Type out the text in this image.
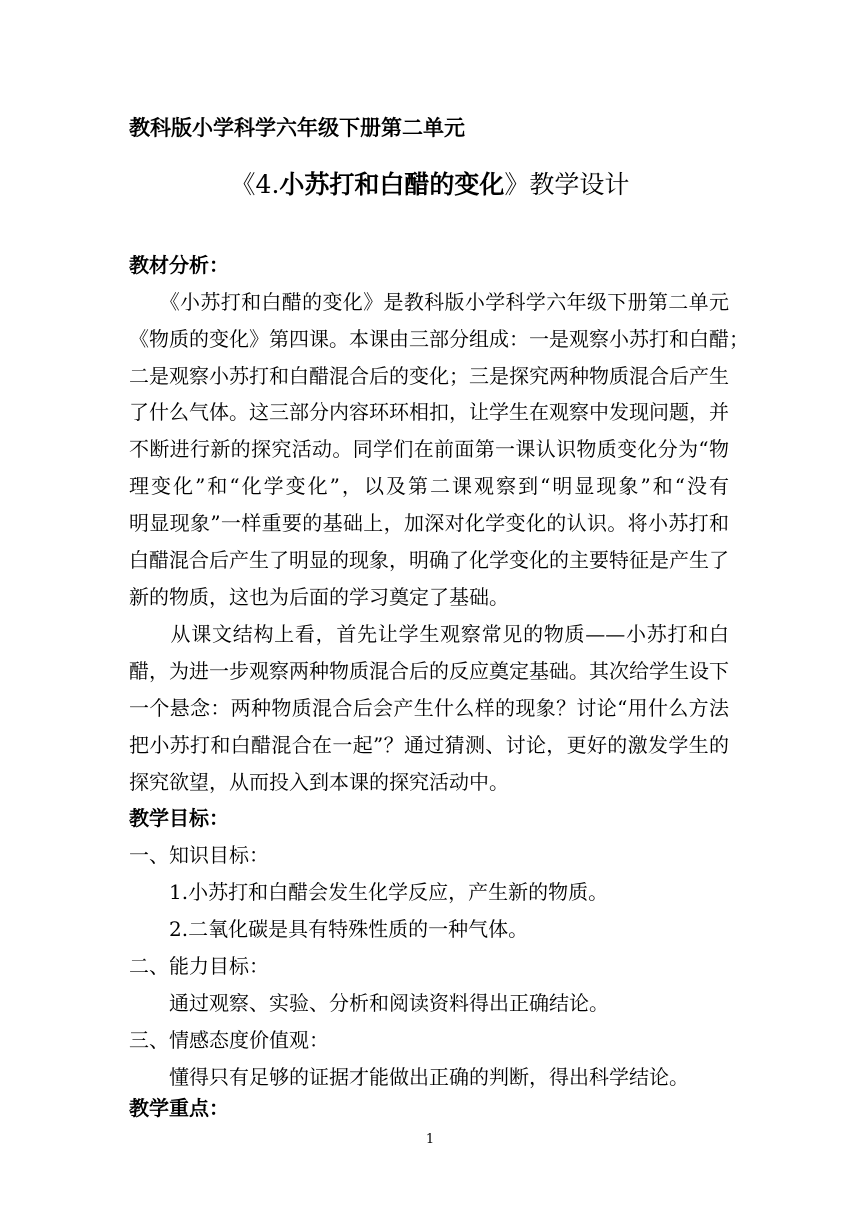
教科版小学科学六年级下册第二单元
《4.小苏打和白醋的变化》教学设计
教材分析：
　　《小苏打和白醋的变化》是教科版小学科学六年级下册第二单元
《物质的变化》第四课。本课由三部分组成：一是观察小苏打和白醋；
二是观察小苏打和白醋混合后的变化；三是探究两种物质混合后产生
了什么气体。这三部分内容环环相扣，让学生在观察中发现问题，并
不断进行新的探究活动。同学们在前面第一课认识物质变化分为“物
理变化”和“化学变化”，以及第二课观察到“明显现象”和“没有
明显现象”一样重要的基础上，加深对化学变化的认识。将小苏打和
白醋混合后产生了明显的现象，明确了化学变化的主要特征是产生了
新的物质，这也为后面的学习奠定了基础。
　　从课文结构上看，首先让学生观察常见的物质——小苏打和白
醋，为进一步观察两种物质混合后的反应奠定基础。其次给学生设下
一个悬念：两种物质混合后会产生什么样的现象？讨论“用什么方法
把小苏打和白醋混合在一起”？通过猜测、讨论，更好的激发学生的
探究欲望，从而投入到本课的探究活动中。
教学目标：
一、知识目标：
1.小苏打和白醋会发生化学反应，产生新的物质。
2.二氧化碳是具有特殊性质的一种气体。
二、能力目标：
通过观察、实验、分析和阅读资料得出正确结论。
三、情感态度价值观：
懂得只有足够的证据才能做出正确的判断，得出科学结论。
教学重点：
1
